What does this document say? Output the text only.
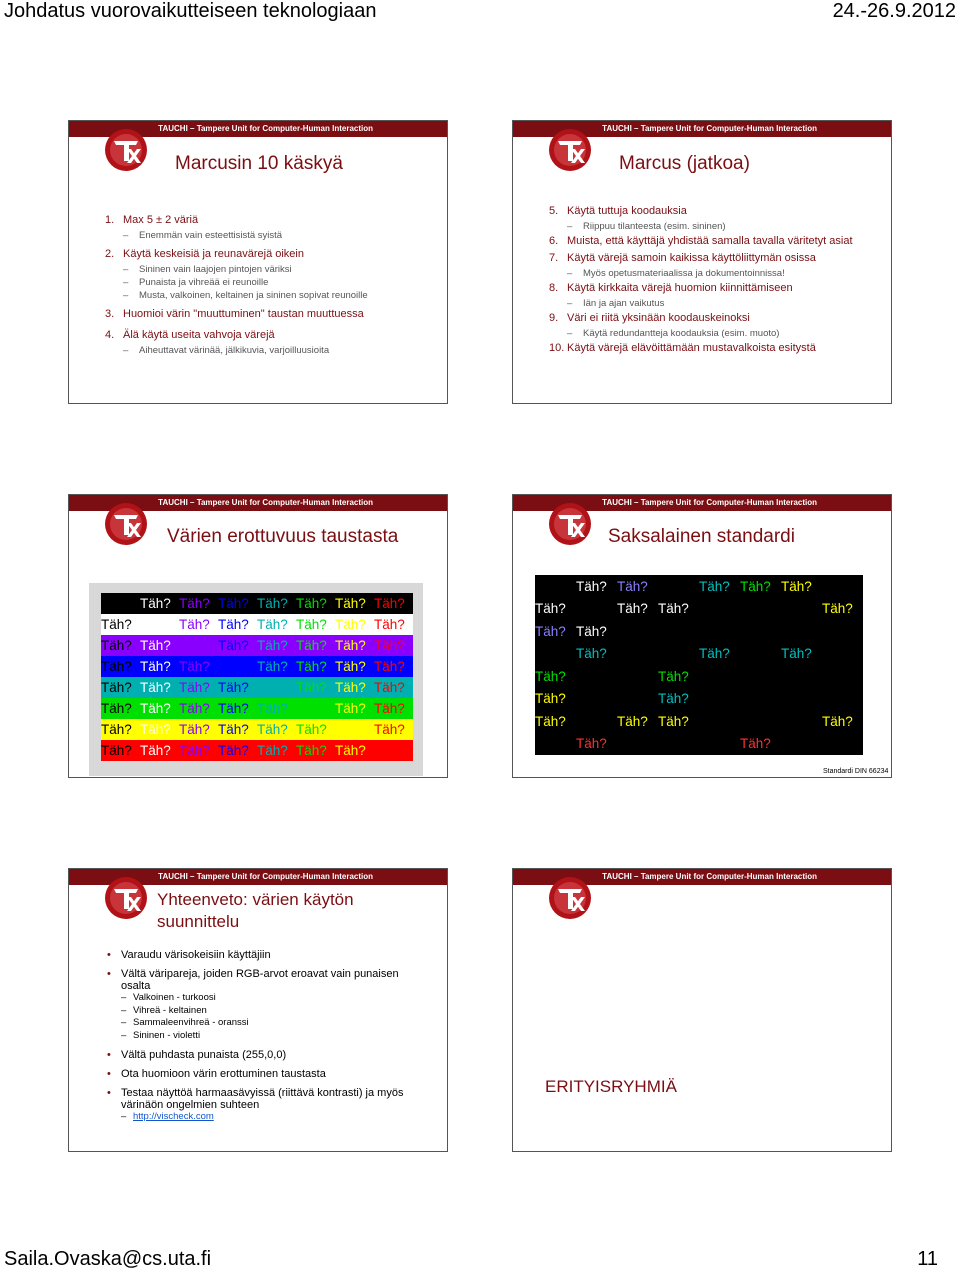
Johdatus vuorovaikutteiseen teknologiaan	24.-26.9.2012
TAUCHI – Tampere Unit for Computer-Human Interaction
Marcusin 10 käskyä
1. Max 5 ± 2 väriä
– Enemmän vain esteettisistä syistä
2. Käytä keskeisiä ja reunavärejä oikein
– Sininen vain laajojen pintojen väriksi
– Punaista ja vihreää ei reunoille
– Musta, valkoinen, keltainen ja sininen sopivat reunoille
3. Huomioi värin "muuttuminen" taustan muuttuessa
4. Älä käytä useita vahvoja värejä
– Aiheuttavat värinää, jälkikuvia, varjoilluusioita
TAUCHI – Tampere Unit for Computer-Human Interaction
Marcus (jatkoa)
5. Käytä tuttuja koodauksia
– Riippuu tilanteesta (esim. sininen)
6. Muista, että käyttäjä yhdistää samalla tavalla väritetyt asiat
7. Käytä värejä samoin kaikissa käyttöliittymän osissa
– Myös opetusmateriaalissa ja dokumentoinnissa!
8. Käytä kirkkaita värejä huomion kiinnittämiseen
– Iän ja ajan vaikutus
9. Väri ei riitä yksinään koodauskeinoksi
– Käytä redundantteja koodauksia (esim. muoto)
10. Käytä värejä elävöittämään mustavalkoista esitystä
TAUCHI – Tampere Unit for Computer-Human Interaction
Värien erottuvuus taustasta
Täh?	Täh?	Täh?	Täh?	Täh?	Täh?	Täh?	Täh?
Täh?	Täh?	Täh?	Täh?	Täh?	Täh?	Täh?	Täh?
Täh?	Täh?	Täh?	Täh?	Täh?	Täh?	Täh?	Täh?
Täh?	Täh?	Täh?	Täh?	Täh?	Täh?	Täh?	Täh?
Täh?	Täh?	Täh?	Täh?	Täh?	Täh?	Täh?	Täh?
Täh?	Täh?	Täh?	Täh?	Täh?	Täh?	Täh?	Täh?
Täh?	Täh?	Täh?	Täh?	Täh?	Täh?	Täh?	Täh?
Täh?	Täh?	Täh?	Täh?	Täh?	Täh?	Täh?	Täh?
TAUCHI – Tampere Unit for Computer-Human Interaction
Saksalainen standardi
	Täh?	Täh?		Täh?	Täh?	Täh?	
Täh?		Täh?	Täh?				Täh?
Täh?	Täh?						
	Täh?			Täh?		Täh?	
Täh?			Täh?				
Täh?			Täh?				
Täh?		Täh?	Täh?				Täh?
	Täh?				Täh?		
Standardi DIN 66234
TAUCHI – Tampere Unit for Computer-Human Interaction
Yhteenveto: värien käytön suunnittelu
• Varaudu värisokeisiin käyttäjiin
• Vältä väripareja, joiden RGB-arvot eroavat vain punaisen osalta
– Valkoinen - turkoosi
– Vihreä - keltainen
– Sammaleenvihreä - oranssi
– Sininen - violetti
• Vältä puhdasta punaista (255,0,0)
• Ota huomioon värin erottuminen taustasta
• Testaa näyttöä harmaasävyissä (riittävä kontrasti) ja myös värinäön ongelmien suhteen
– http://vischeck.com
TAUCHI – Tampere Unit for Computer-Human Interaction
ERITYISRYHMIÄ
Saila.Ovaska@cs.uta.fi	11
